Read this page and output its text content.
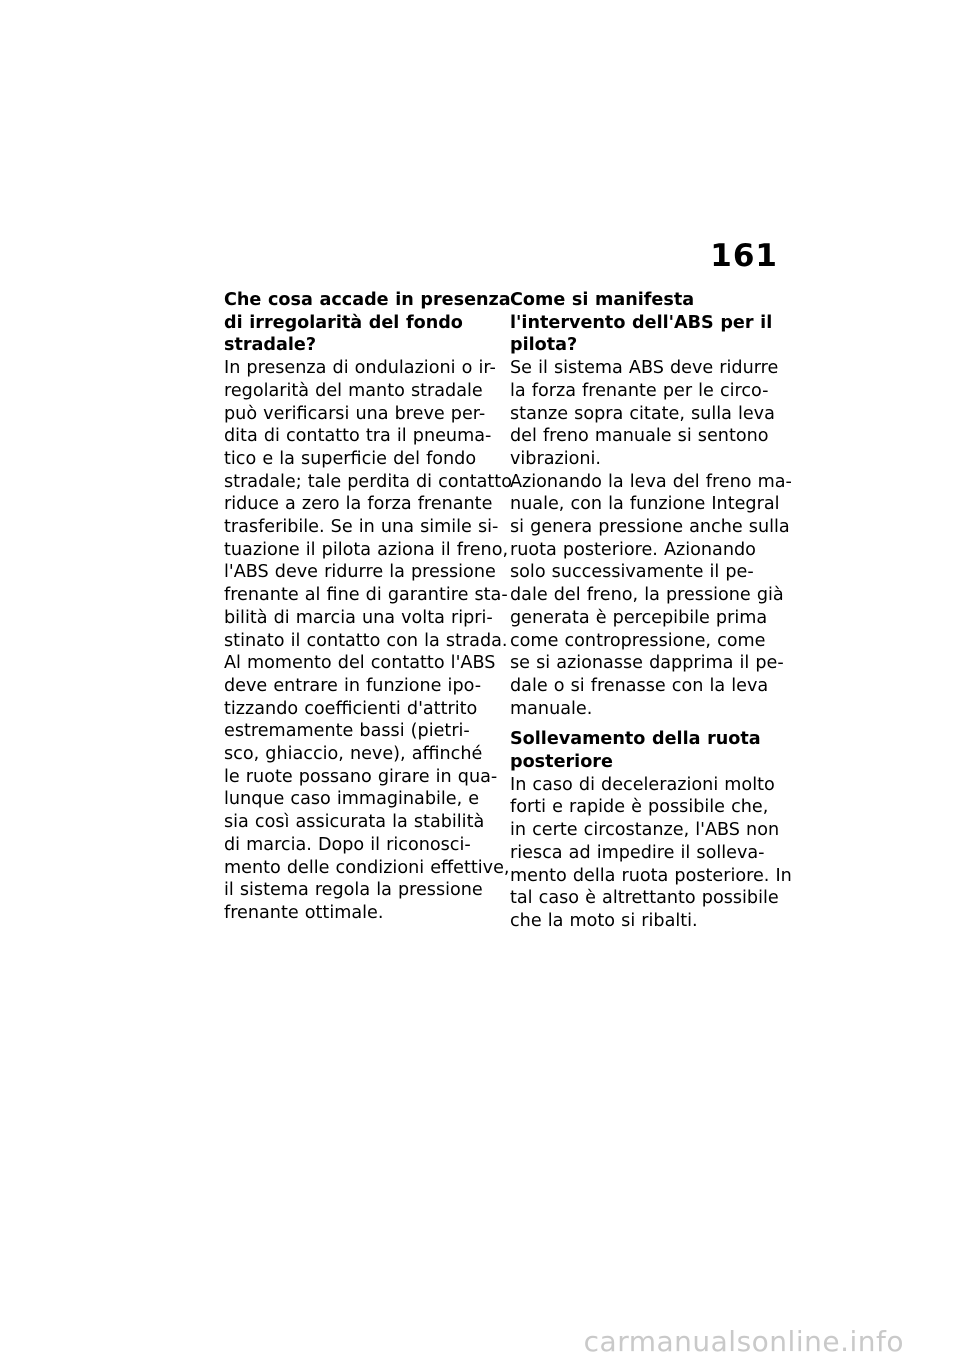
161
Che cosa accade in presenza
di irregolarità del fondo
stradale?
In presenza di ondulazioni o ir-
regolarità del manto stradale
può verificarsi una breve per-
dita di contatto tra il pneuma-
tico e la superficie del fondo
stradale; tale perdita di contatto
riduce a zero la forza frenante
trasferibile. Se in una simile si-
tuazione il pilota aziona il freno,
l'ABS deve ridurre la pressione
frenante al fine di garantire sta-
bilità di marcia una volta ripri-
stinato il contatto con la strada.
Al momento del contatto l'ABS
deve entrare in funzione ipo-
tizzando coefficienti d'attrito
estremamente bassi (pietri-
sco, ghiaccio, neve), affinché
le ruote possano girare in qua-
lunque caso immaginabile, e
sia così assicurata la stabilità
di marcia. Dopo il riconosci-
mento delle condizioni effettive,
il sistema regola la pressione
frenante ottimale.
Come si manifesta
l'intervento dell'ABS per il
pilota?
Se il sistema ABS deve ridurre
la forza frenante per le circo-
stanze sopra citate, sulla leva
del freno manuale si sentono
vibrazioni.
Azionando la leva del freno ma-
nuale, con la funzione Integral
si genera pressione anche sulla
ruota posteriore. Azionando
solo successivamente il pe-
dale del freno, la pressione già
generata è percepibile prima
come contropressione, come
se si azionasse dapprima il pe-
dale o si frenasse con la leva
manuale.
Sollevamento della ruota
posteriore
In caso di decelerazioni molto
forti e rapide è possibile che,
in certe circostanze, l'ABS non
riesca ad impedire il solleva-
mento della ruota posteriore. In
tal caso è altrettanto possibile
che la moto si ribalti.
carmanualsonline.info
